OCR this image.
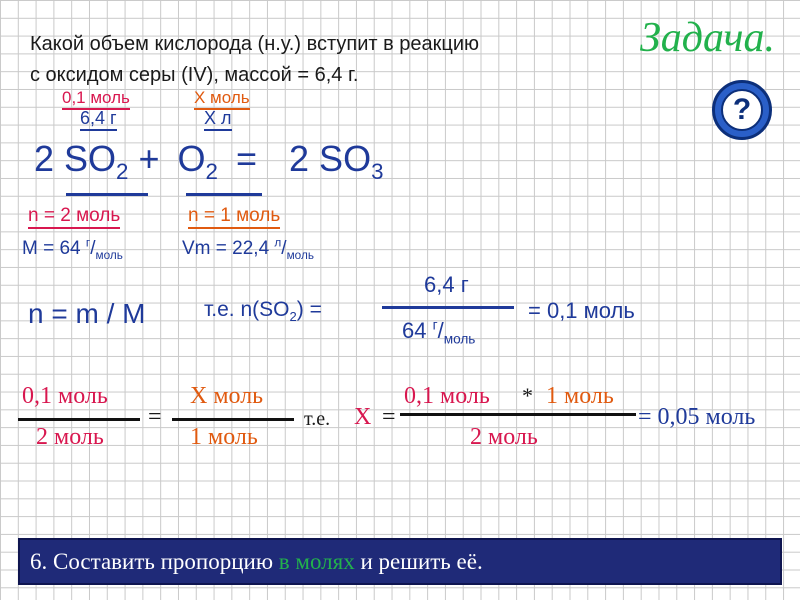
Какой объем кислорода (н.у.) вступит в реакцию
с оксидом серы (IV), массой = 6,4 г.
Задача.
?
0,1 моль
6,4 г
Х моль
Х л
2 $SO_2 + O_2 = 2$ $SO_3$
n = 2 моль	n = 1 моль
M = 64 $^г/_{моль}$	Vm = 22,4 $^л/_{моль}$
n = m / M	т.е. $n(SO_2)$ =
6,4 г
64 $^г/_{моль}$
= 0,1 моль
0,1 моль
2 моль
=
Х моль
1 моль
т.е. Х =
0,1 моль * 1 моль
2 моль
= 0,05 моль
6. Составить пропорцию в молях и решить её.
